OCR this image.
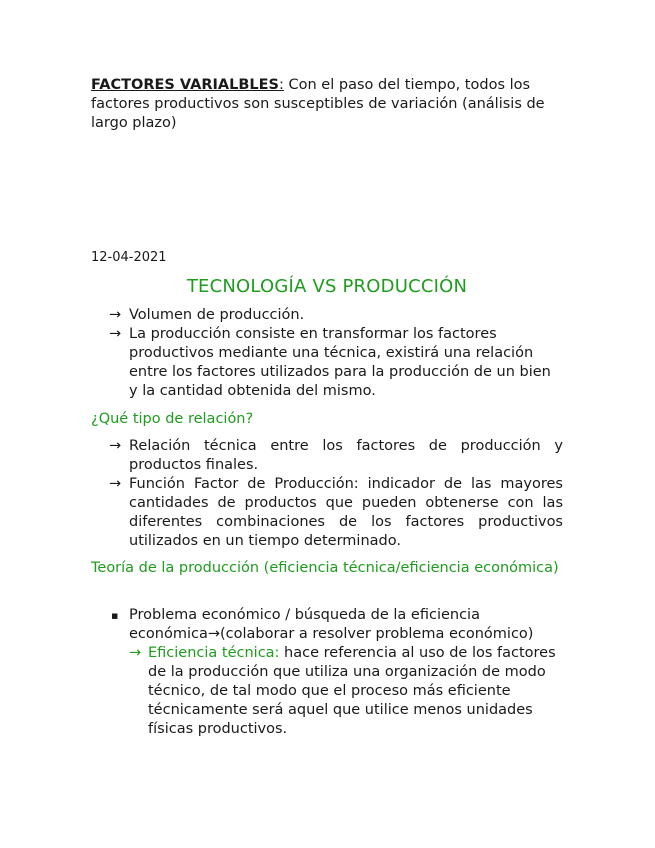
FACTORES VARIALBLES: Con el paso del tiempo, todos los factores productivos son susceptibles de variación (análisis de largo plazo)
12-04-2021
TECNOLOGÍA VS PRODUCCIÓN
→ Volumen de producción.
→ La producción consiste en transformar los factores productivos mediante una técnica, existirá una relación entre los factores utilizados para la producción de un bien y la cantidad obtenida del mismo.
¿Qué tipo de relación?
→ Relación técnica entre los factores de producción y productos finales.
→ Función Factor de Producción: indicador de las mayores cantidades de productos que pueden obtenerse con las diferentes combinaciones de los factores productivos utilizados en un tiempo determinado.
Teoría de la producción (eficiencia técnica/eficiencia económica)
▪ Problema económico / búsqueda de la eficiencia económica→(colaborar a resolver problema económico)
→ Eficiencia técnica: hace referencia al uso de los factores de la producción que utiliza una organización de modo técnico, de tal modo que el proceso más eficiente técnicamente será aquel que utilice menos unidades físicas productivos.
